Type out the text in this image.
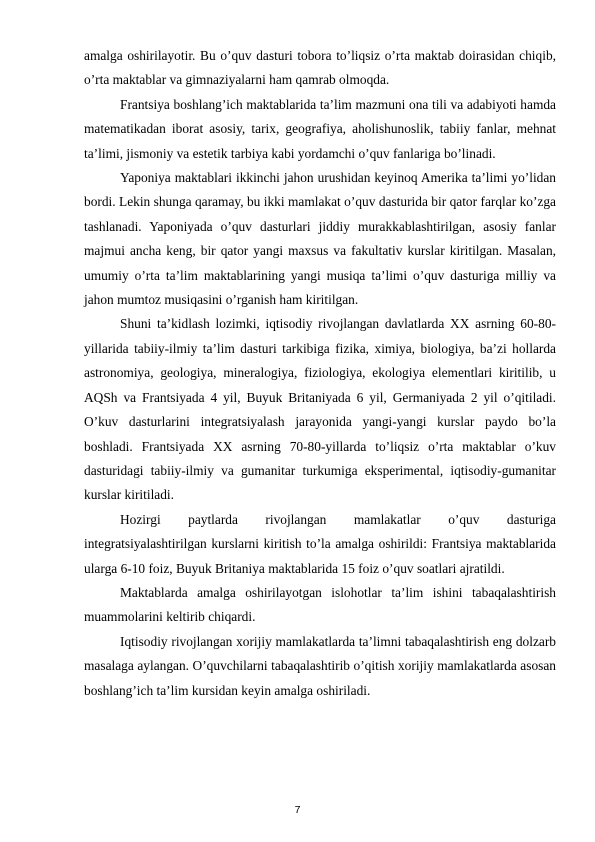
amalga oshirilayotir. Bu o’quv dasturi tobora to’liqsiz o’rta maktab doirasidan chiqib, o’rta maktablar va gimnaziyalarni ham qamrab olmoqda.

Frantsiya boshlang’ich maktablarida ta’lim mazmuni ona tili va adabiyoti hamda matematikadan iborat asosiy, tarix, geografiya, aholishunoslik, tabiiy fanlar, mehnat ta’limi, jismoniy va estetik tarbiya kabi yordamchi o’quv fanlariga bo’linadi.

Yaponiya maktablari ikkinchi jahon urushidan keyinoq Amerika ta’limi yo’lidan bordi. Lekin shunga qaramay, bu ikki mamlakat o’quv dasturida bir qator farqlar ko’zga tashlanadi. Yaponiyada o’quv dasturlari jiddiy murakkablashtirilgan, asosiy fanlar majmui ancha keng, bir qator yangi maxsus va fakultativ kurslar kiritilgan. Masalan, umumiy o’rta ta’lim maktablarining yangi musiqa ta’limi o’quv dasturiga milliy va jahon mumtoz musiqasini o’rganish ham kiritilgan.

Shuni ta’kidlash lozimki, iqtisodiy rivojlangan davlatlarda XX asrning 60-80-yillarida tabiiy-ilmiy ta’lim dasturi tarkibiga fizika, ximiya, biologiya, ba’zi hollarda astronomiya, geologiya, mineralogiya, fiziologiya, ekologiya elementlari kiritilib, u AQSh va Frantsiyada 4 yil, Buyuk Britaniyada 6 yil, Germaniyada 2 yil o’qitiladi. O’kuv dasturlarini integratsiyalash jarayonida yangi-yangi kurslar paydo bo’la boshladi. Frantsiyada XX asrning 70-80-yillarda to’liqsiz o’rta maktablar o’kuv dasturidagi tabiiy-ilmiy va gumanitar turkumiga eksperimental, iqtisodiy-gumanitar kurslar kiritiladi.

Hozirgi paytlarda rivojlangan mamlakatlar o’quv dasturiga integratsiyalashtirilgan kurslarni kiritish to’la amalga oshirildi: Frantsiya maktablarida ularga 6-10 foiz, Buyuk Britaniya maktablarida 15 foiz o’quv soatlari ajratildi.

Maktablarda amalga oshirilayotgan islohotlar ta’lim ishini tabaqalashtirish muammolarini keltirib chiqardi.

Iqtisodiy rivojlangan xorijiy mamlakatlarda ta’limni tabaqalashtirish eng dolzarb masalaga aylangan. O’quvchilarni tabaqalashtirib o’qitish xorijiy mamlakatlarda asosan boshlang’ich ta’lim kursidan keyin amalga oshiriladi.

7
